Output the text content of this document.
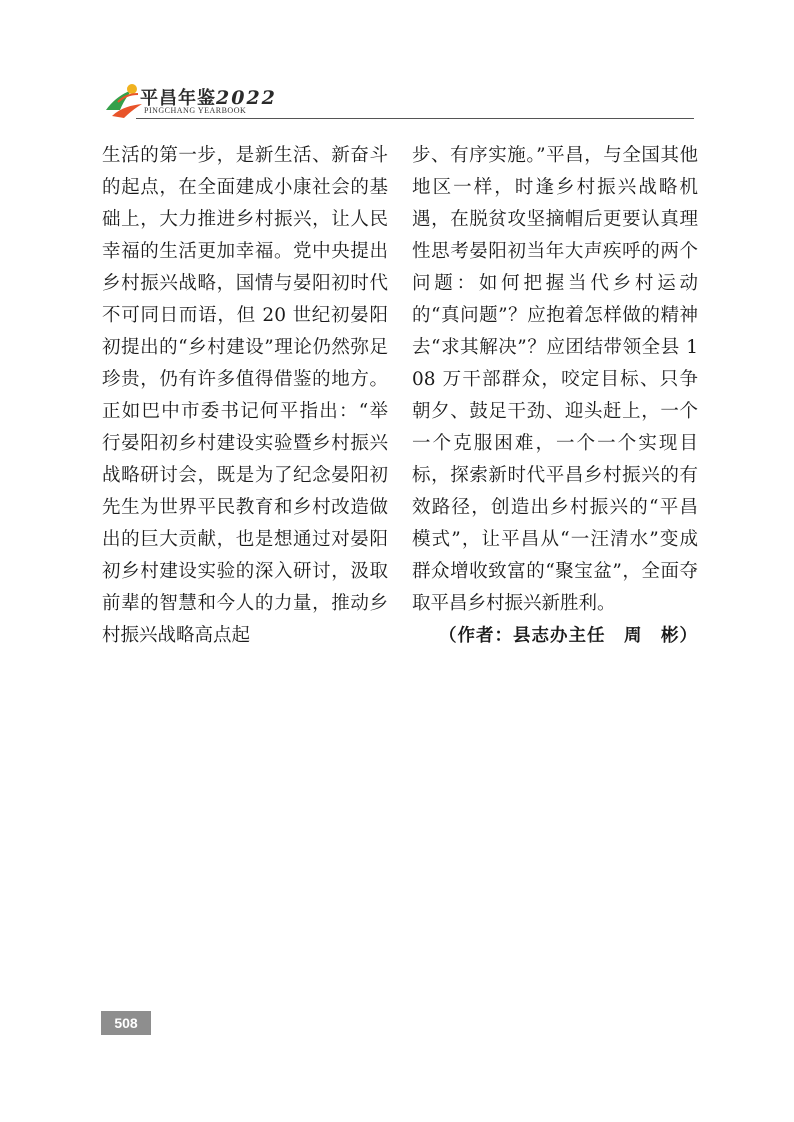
平昌年鉴2022
PINGCHANG YEARBOOK

生活的第一步，是新生活、新奋斗的起点，在全面建成小康社会的基础上，大力推进乡村振兴，让人民幸福的生活更加幸福。党中央提出乡村振兴战略，国情与晏阳初时代不可同日而语，但 20 世纪初晏阳初提出的“乡村建设”理论仍然弥足珍贵，仍有许多值得借鉴的地方。正如巴中市委书记何平指出：“举行晏阳初乡村建设实验暨乡村振兴战略研讨会，既是为了纪念晏阳初先生为世界平民教育和乡村改造做出的巨大贡献，也是想通过对晏阳初乡村建设实验的深入研讨，汲取前辈的智慧和今人的力量，推动乡村振兴战略高点起

步、有序实施。”平昌，与全国其他地区一样，时逢乡村振兴战略机遇，在脱贫攻坚摘帽后更要认真理性思考晏阳初当年大声疾呼的两个问题：如何把握当代乡村运动的“真问题”？应抱着怎样做的精神去“求其解决”？应团结带领全县 108 万干部群众，咬定目标、只争朝夕、鼓足干劲、迎头赶上，一个一个克服困难，一个一个实现目标，探索新时代平昌乡村振兴的有效路径，创造出乡村振兴的“平昌模式”，让平昌从“一汪清水”变成群众增收致富的“聚宝盆”，全面夺取平昌乡村振兴新胜利。

（作者：县志办主任　周　彬）

508
